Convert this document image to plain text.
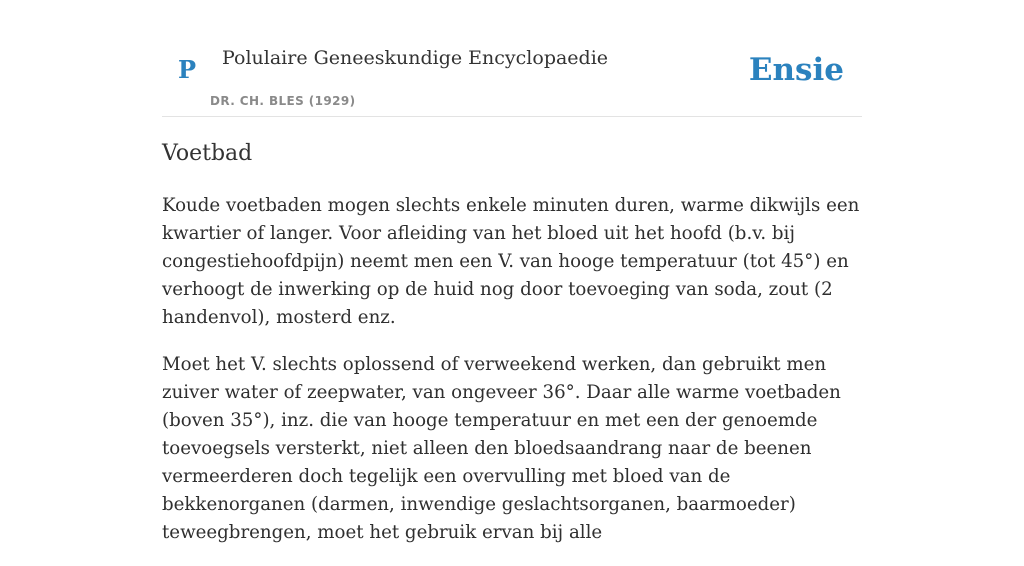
P Polulaire Geneeskundige Encyclopaedie
DR. CH. BLES (1929)
Ensie
Voetbad

Koude voetbaden mogen slechts enkele minuten duren, warme dikwijls een kwartier of langer. Voor afleiding van het bloed uit het hoofd (b.v. bij congestiehoofdpijn) neemt men een V. van hooge temperatuur (tot 45°) en verhoogt de inwerking op de huid nog door toevoeging van soda, zout (2 handenvol), mosterd enz.

Moet het V. slechts oplossend of verweekend werken, dan gebruikt men zuiver water of zeepwater, van ongeveer 36°. Daar alle warme voetbaden (boven 35°), inz. die van hooge temperatuur en met een der genoemde toevoegsels versterkt, niet alleen den bloedsaandrang naar de beenen vermeerderen doch tegelijk een overvulling met bloed van de bekkenorganen (darmen, inwendige geslachtsorganen, baarmoeder) teweegbrengen, moet het gebruik ervan bij alle
